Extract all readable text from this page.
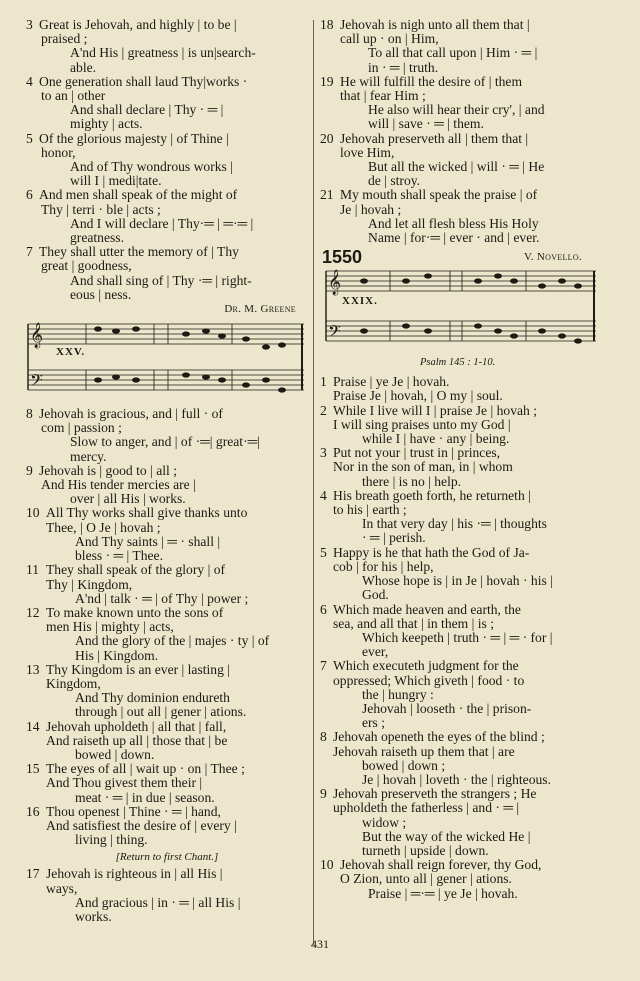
3 Great is Jehovah, and highly | to be |
praised ;
A'nd His | greatness | is un|search-
able.
4 One generation shall laud Thy|works ·
to an | other
And shall declare | Thy · ═ |
mighty | acts.
5 Of the glorious majesty | of Thine |
honor,
And of Thy wondrous works |
will I | medi|tate.
6 And men shall speak of the might of
Thy | terri · ble | acts ;
And I will declare | Thy·═ | ═·═ |
greatness.
7 They shall utter the memory of | Thy
great | goodness,
And shall sing of | Thy ·═ | right-
eous | ness.
Dr. M. Greene
𝄞
𝄢
XXV.
8 Jehovah is gracious, and | full · of
com | passion ;
Slow to anger, and | of ·═| great·═|
mercy.
9 Jehovah is | good to | all ;
And His tender mercies are |
over | all His | works.
10 All Thy works shall give thanks unto
Thee, | O Je | hovah ;
And Thy saints | ═ · shall |
bless · ═ | Thee.
11 They shall speak of the glory | of
Thy | Kingdom,
A'nd | talk · ═ | of Thy | power ;
12 To make known unto the sons of
men His | mighty | acts,
And the glory of the | majes · ty | of
His | Kingdom.
13 Thy Kingdom is an ever | lasting |
Kingdom,
And Thy dominion endureth
through | out all | gener | ations.
14 Jehovah upholdeth | all that | fall,
And raiseth up all | those that | be
bowed | down.
15 The eyes of all | wait up · on | Thee ;
And Thou givest them their |
meat · ═ | in due | season.
16 Thou openest | Thine · ═ | hand,
And satisfiest the desire of | every |
living | thing.
[Return to first Chant.]
17 Jehovah is righteous in | all His |
ways,
And gracious | in · ═ | all His |
works.
18 Jehovah is nigh unto all them that |
call up · on | Him,
To all that call upon | Him · ═ |
in · ═ | truth.
19 He will fulfill the desire of | them
that | fear Him ;
He also will hear their cry', | and
will | save · ═ | them.
20 Jehovah preserveth all | them that |
love Him,
But all the wicked | will · ═ | He
de | stroy.
21 My mouth shall speak the praise | of
Je | hovah ;
And let all flesh bless His Holy
Name | for·═ | ever · and | ever.
1550	V. Novello.
𝄞
𝄢
XXIX.
Psalm 145 : 1-10.
1 Praise | ye Je | hovah.
Praise Je | hovah, | O my | soul.
2 While I live will I | praise Je | hovah ;
I will sing praises unto my God |
while I | have · any | being.
3 Put not your | trust in | princes,
Nor in the son of man, in | whom
there | is no | help.
4 His breath goeth forth, he returneth |
to his | earth ;
In that very day | his ·═ | thoughts
· ═ | perish.
5 Happy is he that hath the God of Ja-
cob | for his | help,
Whose hope is | in Je | hovah · his |
God.
6 Which made heaven and earth, the
sea, and all that | in them | is ;
Which keepeth | truth · ═ | ═ · for |
ever,
7 Which executeth judgment for the
oppressed; Which giveth | food · to
the | hungry :
Jehovah | looseth · the | prison-
ers ;
8 Jehovah openeth the eyes of the blind ;
Jehovah raiseth up them that | are
bowed | down ;
Je | hovah | loveth · the | righteous.
9 Jehovah preserveth the strangers ; He
upholdeth the fatherless | and · ═ |
widow ;
But the way of the wicked He |
turneth | upside | down.
10 Jehovah shall reign forever, thy God,
O Zion, unto all | gener | ations.
Praise | ═·═ | ye Je | hovah.
431
